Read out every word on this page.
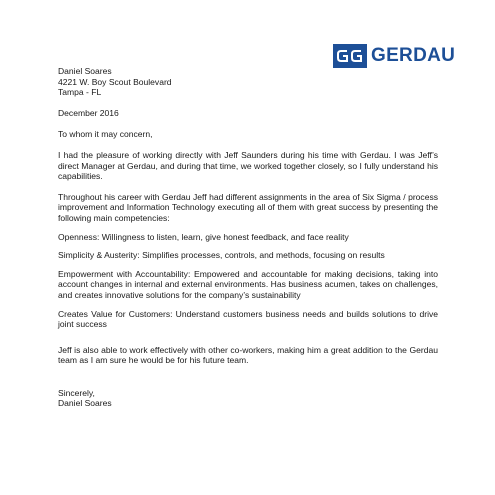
GERDAU
Daniel Soares
4221 W. Boy Scout Boulevard
Tampa - FL

December 2016

To whom it may concern,

I had the pleasure of working directly with Jeff Saunders during his time with Gerdau. I was Jeff’s direct Manager at Gerdau, and during that time, we worked together closely, so I fully understand his capabilities.

Throughout his career with Gerdau Jeff had different assignments in the area of Six Sigma / process improvement and Information Technology executing all of them with great success by presenting the following main competencies:

Openness: Willingness to listen, learn, give honest feedback, and face reality

Simplicity & Austerity: Simplifies processes, controls, and methods, focusing on results

Empowerment with Accountability: Empowered and accountable for making decisions, taking into account changes in internal and external environments. Has business acumen, takes on challenges, and creates innovative solutions for the company’s sustainability

Creates Value for Customers: Understand customers business needs and builds solutions to drive joint success

Jeff is also able to work effectively with other co-workers, making him a great addition to the Gerdau team as I am sure he would be for his future team.

Sincerely,
Daniel Soares
